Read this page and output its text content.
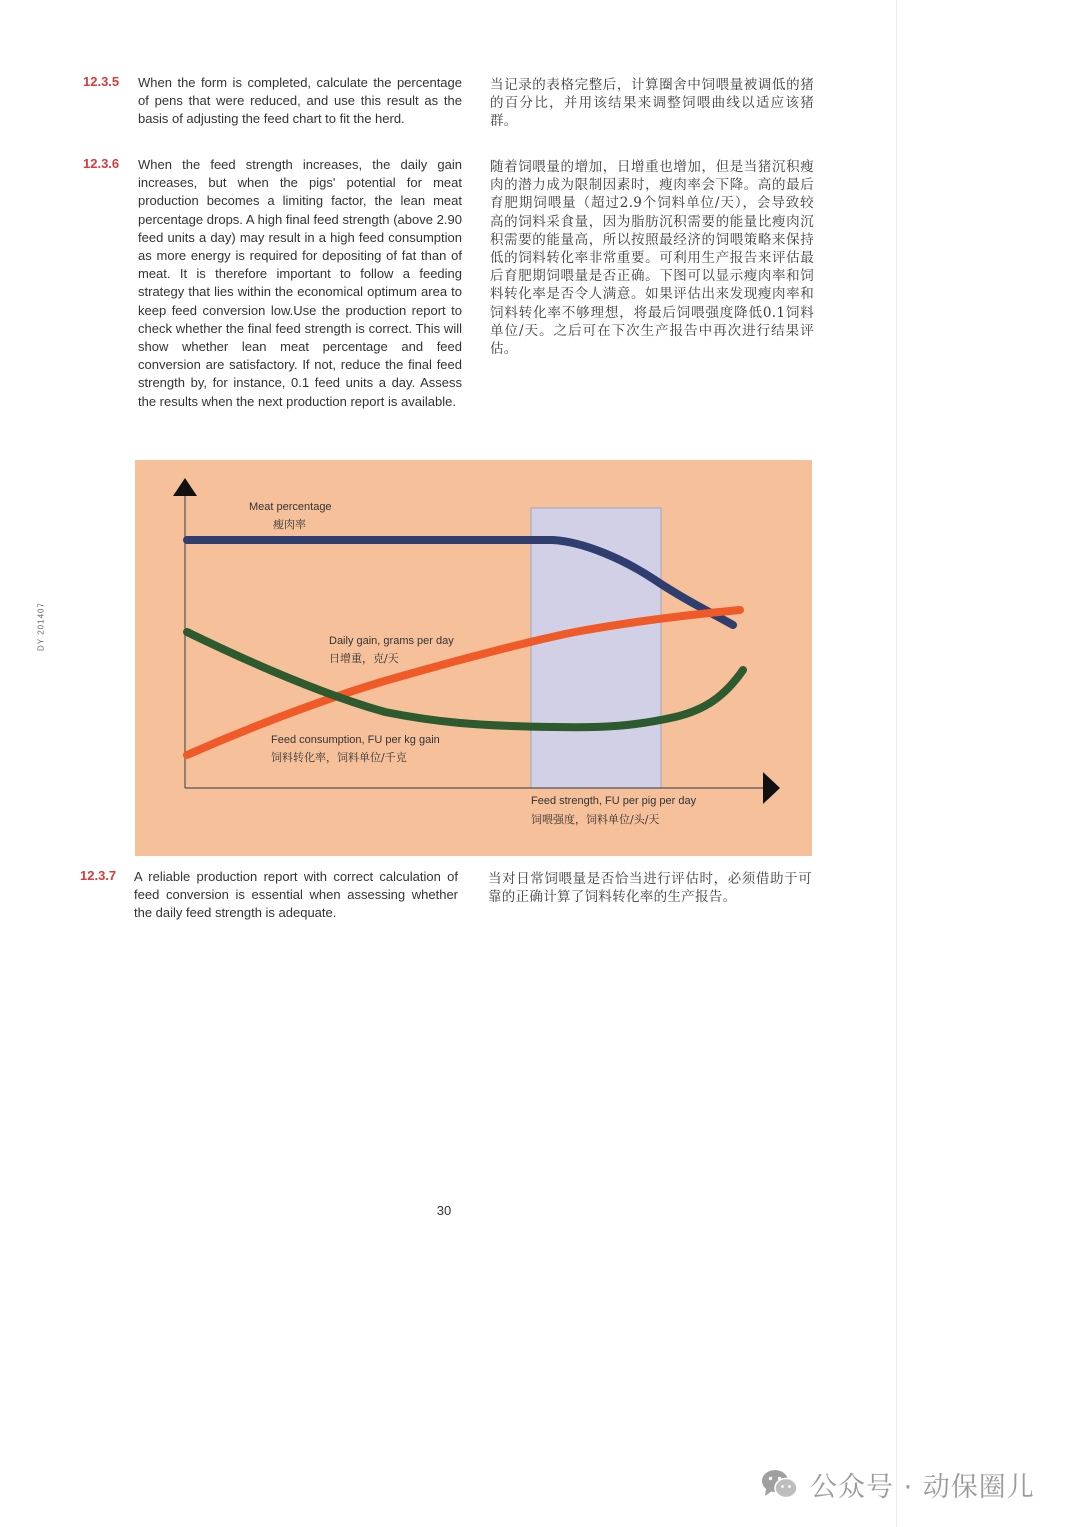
DY 201407
12.3.5 When the form is completed, calculate the percentage of pens that were reduced, and use this result as the basis of adjusting the feed chart to fit the herd.
当记录的表格完整后，计算圈舍中饲喂量被调低的猪的百分比，并用该结果来调整饲喂曲线以适应该猪群。
12.3.6 When the feed strength increases, the daily gain increases, but when the pigs' potential for meat production becomes a limiting factor, the lean meat percentage drops. A high final feed strength (above 2.90 feed units a day) may result in a high feed consumption as more energy is required for depositing of fat than of meat. It is therefore important to follow a feeding strategy that lies within the economical optimum area to keep feed conversion low.Use the production report to check whether the final feed strength is correct. This will show whether lean meat percentage and feed conversion are satisfactory. If not, reduce the final feed strength by, for instance, 0.1 feed units a day. Assess the results when the next production report is available.
随着饲喂量的增加，日增重也增加，但是当猪沉积瘦肉的潜力成为限制因素时，瘦肉率会下降。高的最后育肥期饲喂量（超过2.9个饲料单位/天），会导致较高的饲料采食量，因为脂肪沉积需要的能量比瘦肉沉积需要的能量高，所以按照最经济的饲喂策略来保持低的饲料转化率非常重要。可利用生产报告来评估最后育肥期饲喂量是否正确。下图可以显示瘦肉率和饲料转化率是否令人满意。如果评估出来发现瘦肉率和饲料转化率不够理想，将最后饲喂强度降低0.1饲料单位/天。之后可在下次生产报告中再次进行结果评估。
Meat percentage
瘦肉率
Daily gain, grams per day
日增重，克/天
Feed consumption, FU per kg gain
饲料转化率，饲料单位/千克
Feed strength, FU per pig per day
饲喂强度，饲料单位/头/天
12.3.7 A reliable production report with correct calculation of feed conversion is essential when assessing whether the daily feed strength is adequate.
当对日常饲喂量是否恰当进行评估时，必须借助于可靠的正确计算了饲料转化率的生产报告。
30
公众号 · 动保圈儿
